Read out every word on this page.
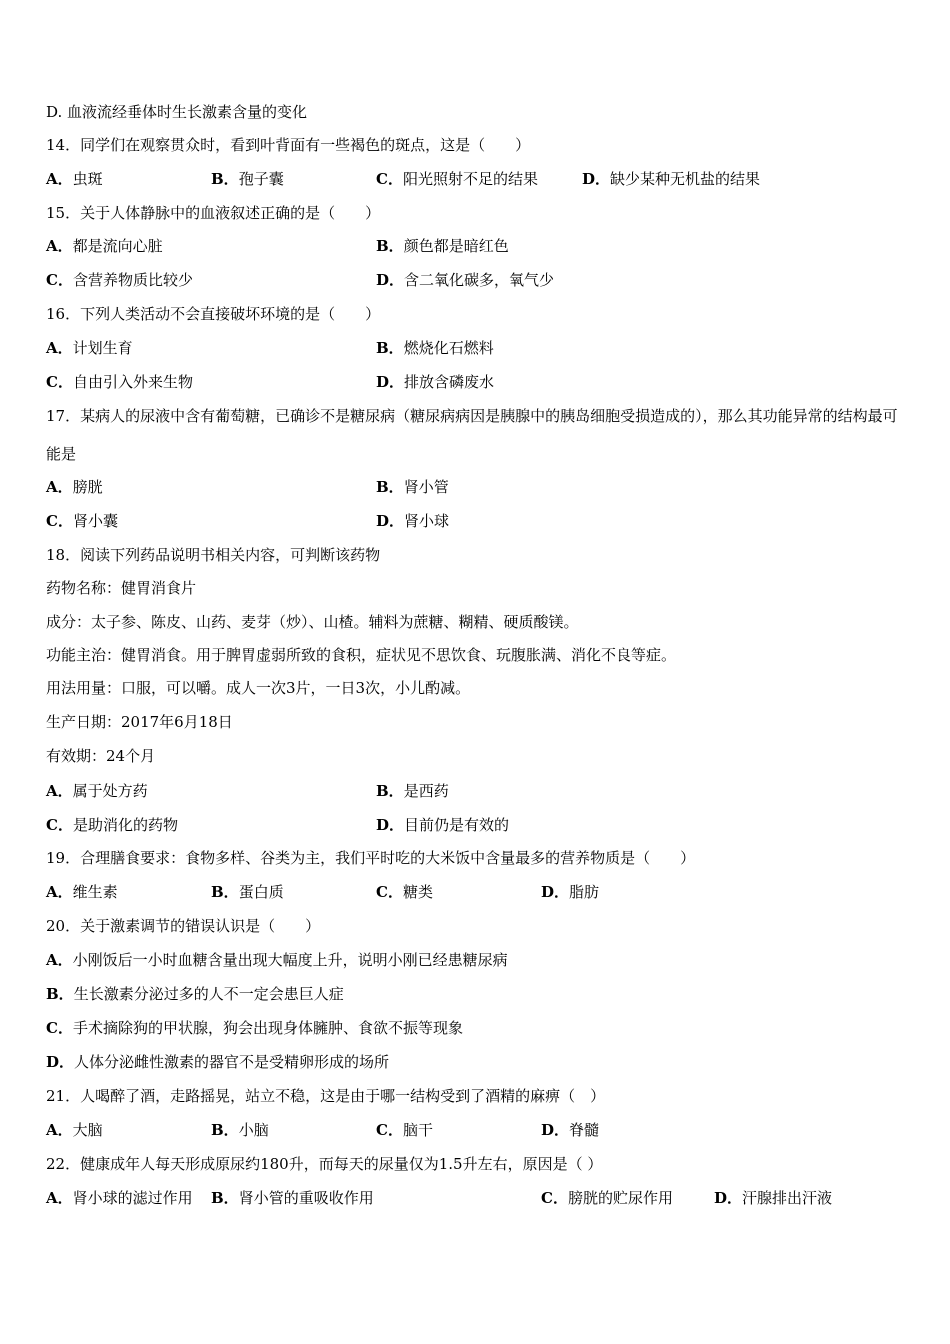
D. 血液流经垂体时生长激素含量的变化
14．同学们在观察贯众时，看到叶背面有一些褐色的斑点，这是（　　）
A．虫斑	B．孢子囊	C．阳光照射不足的结果	D．缺少某种无机盐的结果
15．关于人体静脉中的血液叙述正确的是（　　）
A．都是流向心脏	B．颜色都是暗红色
C．含营养物质比较少	D．含二氧化碳多，氧气少
16．下列人类活动不会直接破坏环境的是（　　）
A．计划生育	B．燃烧化石燃料
C．自由引入外来生物	D．排放含磷废水
17．某病人的尿液中含有葡萄糖，已确诊不是糖尿病（糖尿病病因是胰腺中的胰岛细胞受损造成的），那么其功能异常的结构最可能是
A．膀胱	B．肾小管
C．肾小囊	D．肾小球
18．阅读下列药品说明书相关内容，可判断该药物
药物名称：健胃消食片
成分：太子参、陈皮、山药、麦芽（炒）、山楂。辅料为蔗糖、糊精、硬质酸镁。
功能主治：健胃消食。用于脾胃虚弱所致的食积，症状见不思饮食、玩腹胀满、消化不良等症。
用法用量：口服，可以嚼。成人一次3片，一日3次，小儿酌减。
生产日期：2017年6月18日
有效期：24个月
A．属于处方药	B．是西药
C．是助消化的药物	D．目前仍是有效的
19．合理膳食要求：食物多样、谷类为主，我们平时吃的大米饭中含量最多的营养物质是（　　）
A．维生素	B．蛋白质	C．糖类	D．脂肪
20．关于激素调节的错误认识是（　　）
A．小刚饭后一小时血糖含量出现大幅度上升，说明小刚已经患糖尿病
B．生长激素分泌过多的人不一定会患巨人症
C．手术摘除狗的甲状腺，狗会出现身体臃肿、食欲不振等现象
D．人体分泌雌性激素的器官不是受精卵形成的场所
21．人喝醉了酒，走路摇晃，站立不稳，这是由于哪一结构受到了酒精的麻痹（　）
A．大脑	B．小脑	C．脑干	D．脊髓
22．健康成年人每天形成原尿约180升，而每天的尿量仅为1.5升左右，原因是（ ）
A．肾小球的滤过作用 B．肾小管的重吸收作用	C．膀胱的贮尿作用	D．汗腺排出汗液
